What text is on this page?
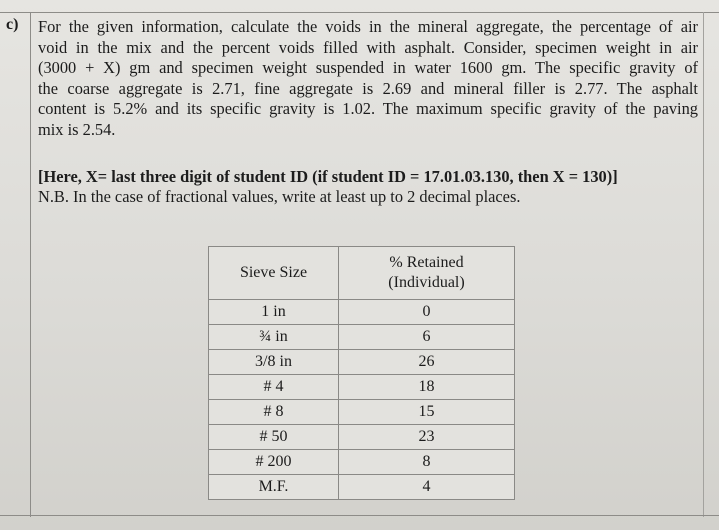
c) For the given information, calculate the voids in the mineral aggregate, the percentage of air
void in the mix and the percent voids filled with asphalt. Consider, specimen weight in air
(3000 + X) gm and specimen weight suspended in water 1600 gm. The specific gravity of
the coarse aggregate is 2.71, fine aggregate is 2.69 and mineral filler is 2.77. The asphalt
content is 5.2% and its specific gravity is 1.02. The maximum specific gravity of the paving
mix is 2.54.
[Here, X= last three digit of student ID (if student ID = 17.01.03.130, then X = 130)]
N.B. In the case of fractional values, write at least up to 2 decimal places.
Sieve Size	% Retained
(Individual)

1 in	0
¾ in	6
3/8 in	26
# 4	18
# 8	15
# 50	23
# 200	8
M.F.	4
